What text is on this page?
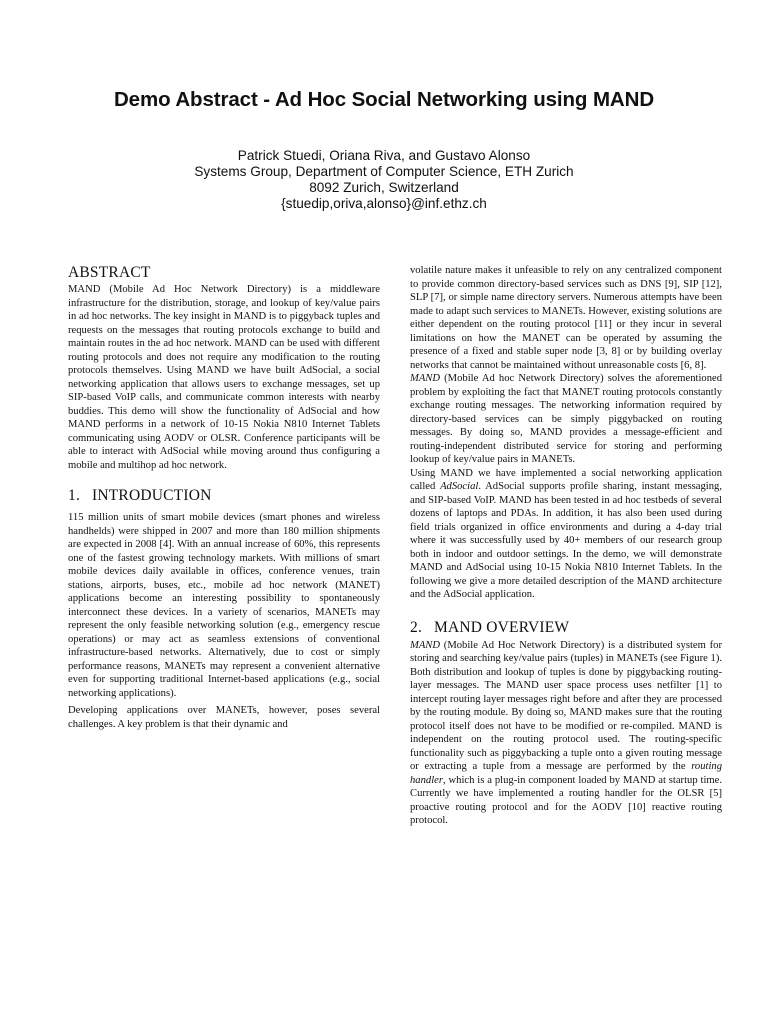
Demo Abstract - Ad Hoc Social Networking using MAND
Patrick Stuedi, Oriana Riva, and Gustavo Alonso
Systems Group, Department of Computer Science, ETH Zurich
8092 Zurich, Switzerland
{stuedip,oriva,alonso}@inf.ethz.ch
ABSTRACT

MAND (Mobile Ad Hoc Network Directory) is a middleware infrastructure for the distribution, storage, and lookup of key/value pairs in ad hoc networks. The key insight in MAND is to piggyback tuples and requests on the messages that routing protocols exchange to build and maintain routes in the ad hoc network. MAND can be used with different routing protocols and does not require any modification to the routing protocols themselves. Using MAND we have built AdSocial, a social networking application that allows users to exchange messages, set up SIP-based VoIP calls, and communicate common interests with nearby buddies. This demo will show the functionality of AdSocial and how MAND performs in a network of 10-15 Nokia N810 Internet Tablets communicating using AODV or OLSR. Conference participants will be able to interact with AdSocial while moving around thus configuring a mobile and multihop ad hoc network.

1. INTRODUCTION

115 million units of smart mobile devices (smart phones and wireless handhelds) were shipped in 2007 and more than 180 million shipments are expected in 2008 [4]. With an annual increase of 60%, this represents one of the fastest growing technology markets. With millions of smart mobile devices daily available in offices, conference venues, train stations, airports, buses, etc., mobile ad hoc network (MANET) applications become an interesting possibility to spontaneously interconnect these devices. In a variety of scenarios, MANETs may represent the only feasible networking solution (e.g., emergency rescue operations) or may act as seamless extensions of conventional infrastructure-based networks. Alternatively, due to cost or simply performance reasons, MANETs may represent a convenient alternative even for supporting traditional Internet-based applications (e.g., social networking applications).

Developing applications over MANETs, however, poses several challenges. A key problem is that their dynamic and

volatile nature makes it unfeasible to rely on any centralized component to provide common directory-based services such as DNS [9], SIP [12], SLP [7], or simple name directory servers. Numerous attempts have been made to adapt such services to MANETs. However, existing solutions are either dependent on the routing protocol [11] or they incur in several limitations on how the MANET can be operated by assuming the presence of a fixed and stable super node [3, 8] or by building overlay networks that cannot be maintained without unreasonable costs [6, 8].

MAND (Mobile Ad hoc Network Directory) solves the aforementioned problem by exploiting the fact that MANET routing protocols constantly exchange routing messages. The networking information required by directory-based services can be simply piggybacked on routing messages. By doing so, MAND provides a message-efficient and routing-independent distributed service for storing and performing lookup of key/value pairs in MANETs.

Using MAND we have implemented a social networking application called AdSocial. AdSocial supports profile sharing, instant messaging, and SIP-based VoIP. MAND has been tested in ad hoc testbeds of several dozens of laptops and PDAs. In addition, it has also been used during field trials organized in office environments and during a 4-day trial where it was successfully used by 40+ members of our research group both in indoor and outdoor settings. In the demo, we will demonstrate MAND and AdSocial using 10-15 Nokia N810 Internet Tablets. In the following we give a more detailed description of the MAND architecture and the AdSocial application.

2. MAND OVERVIEW

MAND (Mobile Ad Hoc Network Directory) is a distributed system for storing and searching key/value pairs (tuples) in MANETs (see Figure 1). Both distribution and lookup of tuples is done by piggybacking routing-layer messages. The MAND user space process uses netfilter [1] to intercept routing layer messages right before and after they are processed by the routing module. By doing so, MAND makes sure that the routing protocol itself does not have to be modified or re-compiled. MAND is independent on the routing protocol used. The routing-specific functionality such as piggybacking a tuple onto a given routing message or extracting a tuple from a message are performed by the routing handler, which is a plug-in component loaded by MAND at startup time. Currently we have implemented a routing handler for the OLSR [5] proactive routing protocol and for the AODV [10] reactive routing protocol.
